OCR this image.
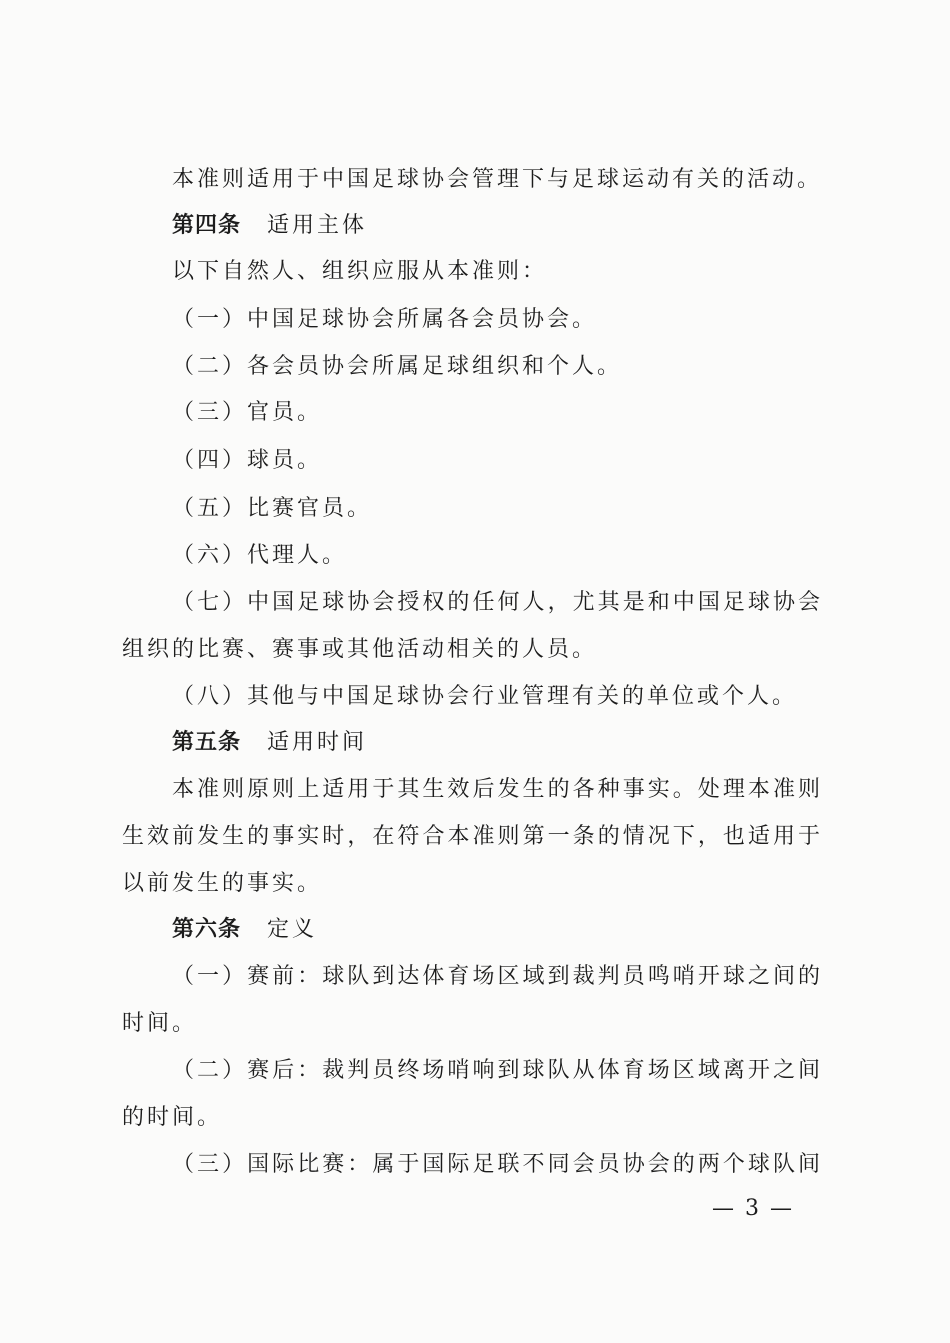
本准则适用于中国足球协会管理下与足球运动有关的活动。
第四条 适用主体
以下自然人、组织应服从本准则：
（一）中国足球协会所属各会员协会。
（二）各会员协会所属足球组织和个人。
（三）官员。
（四）球员。
（五）比赛官员。
（六）代理人。
（七）中国足球协会授权的任何人，尤其是和中国足球协会
组织的比赛、赛事或其他活动相关的人员。
（八）其他与中国足球协会行业管理有关的单位或个人。
第五条 适用时间
本准则原则上适用于其生效后发生的各种事实。处理本准则
生效前发生的事实时，在符合本准则第一条的情况下，也适用于
以前发生的事实。
第六条 定义
（一）赛前：球队到达体育场区域到裁判员鸣哨开球之间的
时间。
（二）赛后：裁判员终场哨响到球队从体育场区域离开之间
的时间。
（三）国际比赛：属于国际足联不同会员协会的两个球队间
— 3 —
